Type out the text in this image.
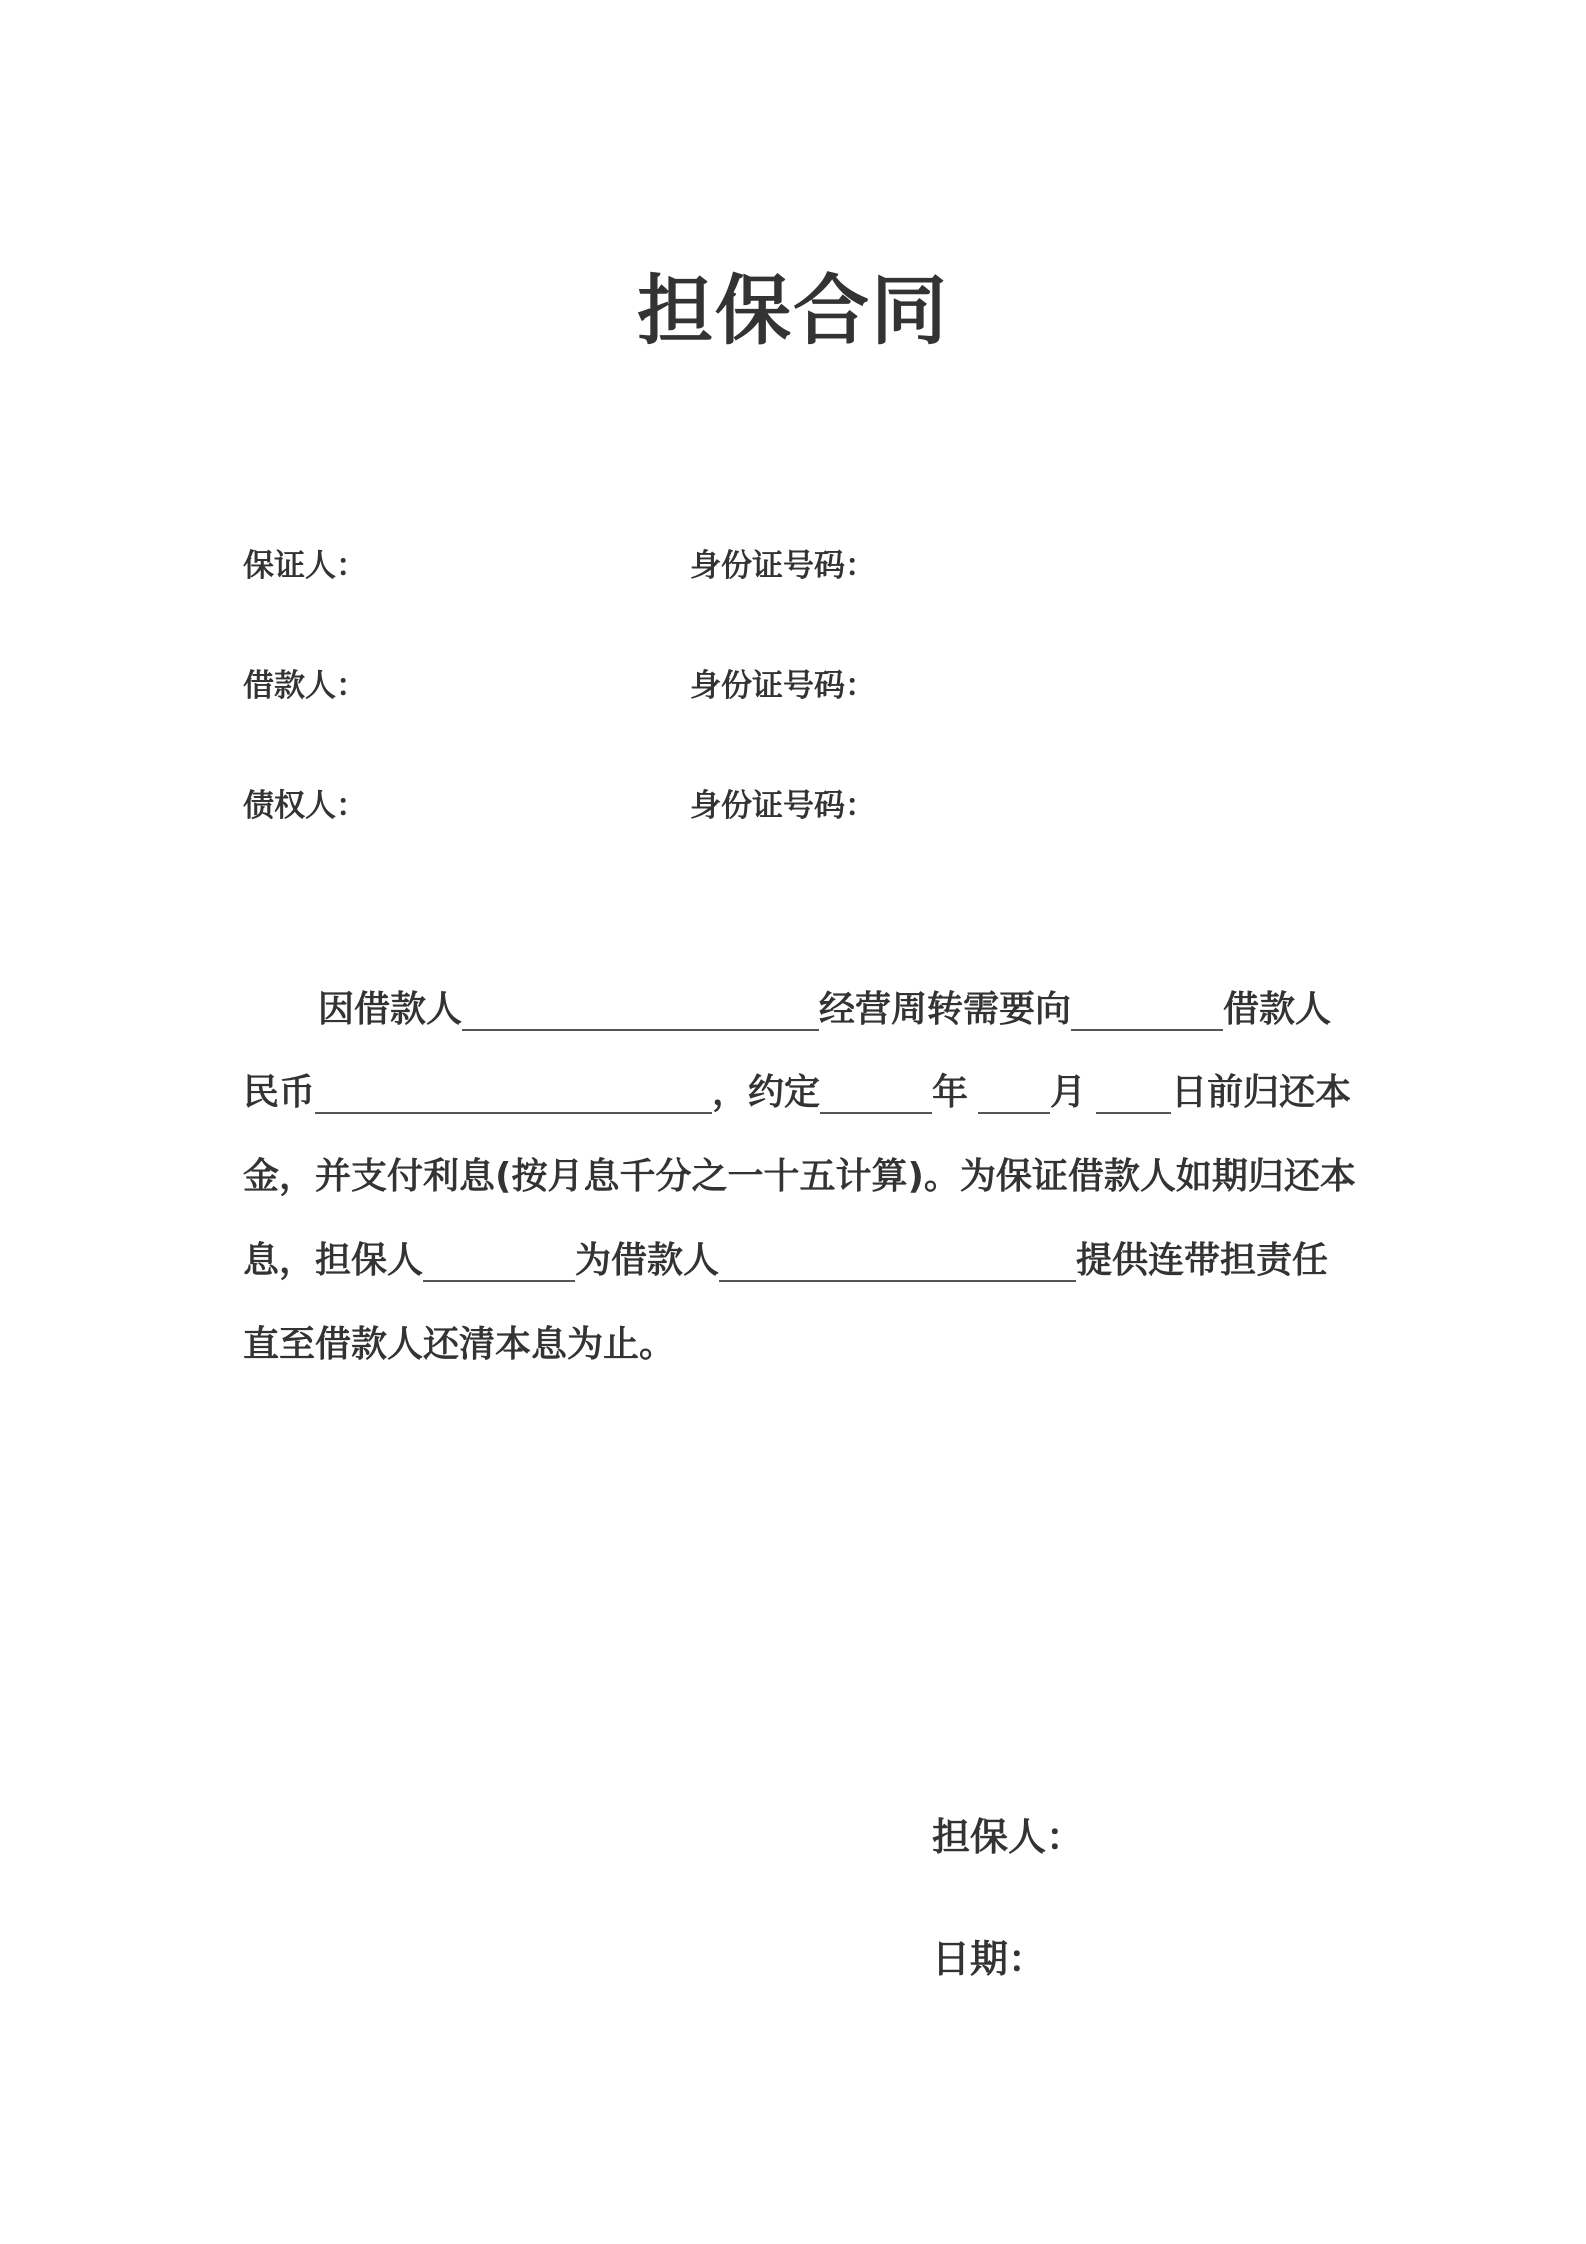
担保合同
保证人：	身份证号码：
借款人：	身份证号码：
债权人：	身份证号码：
因借款人	经营周转需要向	借款人
民币	，约定	年 月 日前归还本
金，并支付利息(按月息千分之一十五计算)。为保证借款人如期归还本
息，担保人	为借款人	提供连带担责任
直至借款人还清本息为止。
担保人：
日期：
